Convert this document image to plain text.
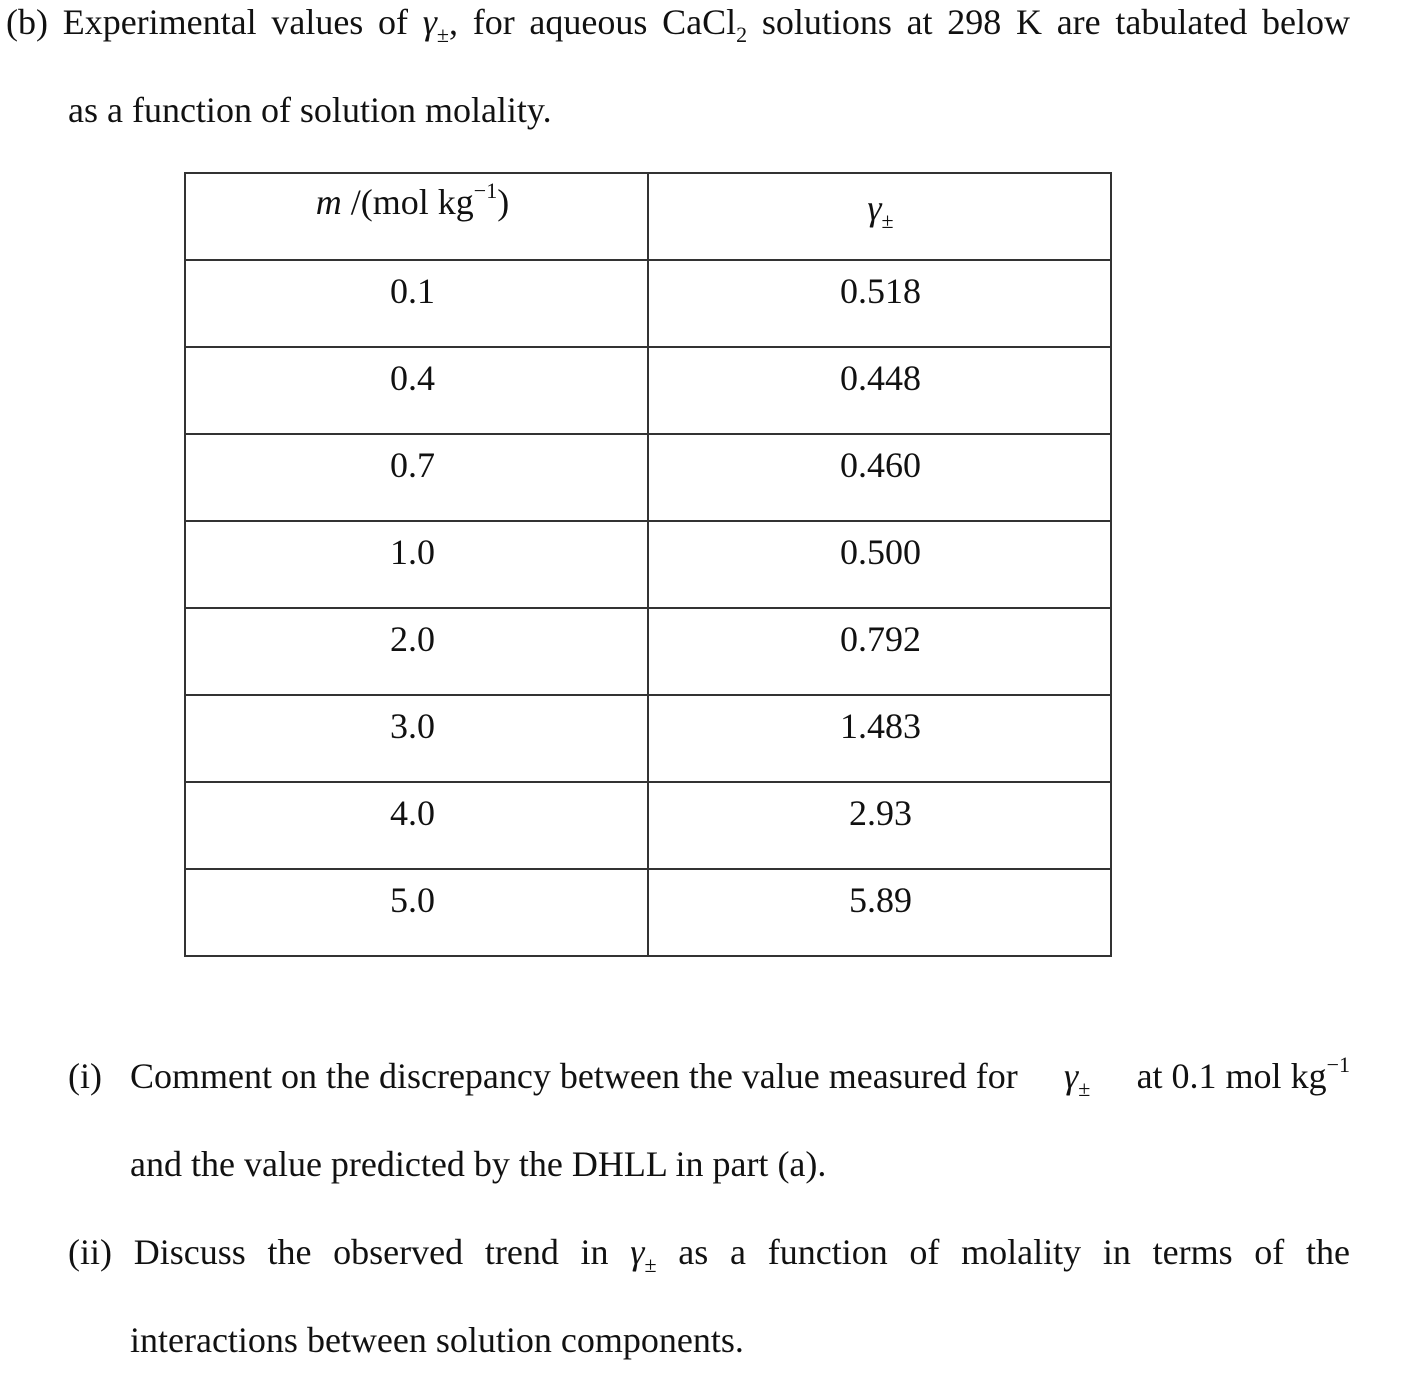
(b) Experimental values of $\gamma_\pm$, for aqueous CaCl$_2$ solutions at 298 K are tabulated below
as a function of solution molality.
m /(mol $kg^{-1}$)	$\gamma_\pm$

0.1	0.518

0.4	0.448

0.7	0.460

1.0	0.500

2.0	0.792

3.0	1.483

4.0	2.93

5.0	5.89
(i) Comment on the discrepancy between the value measured for $\gamma_\pm$ at 0.1 mol $kg^{-1}$
and the value predicted by the DHLL in part (a).
(ii) Discuss the observed trend in $\gamma_\pm$ as a function of molality in terms of the
interactions between solution components.
